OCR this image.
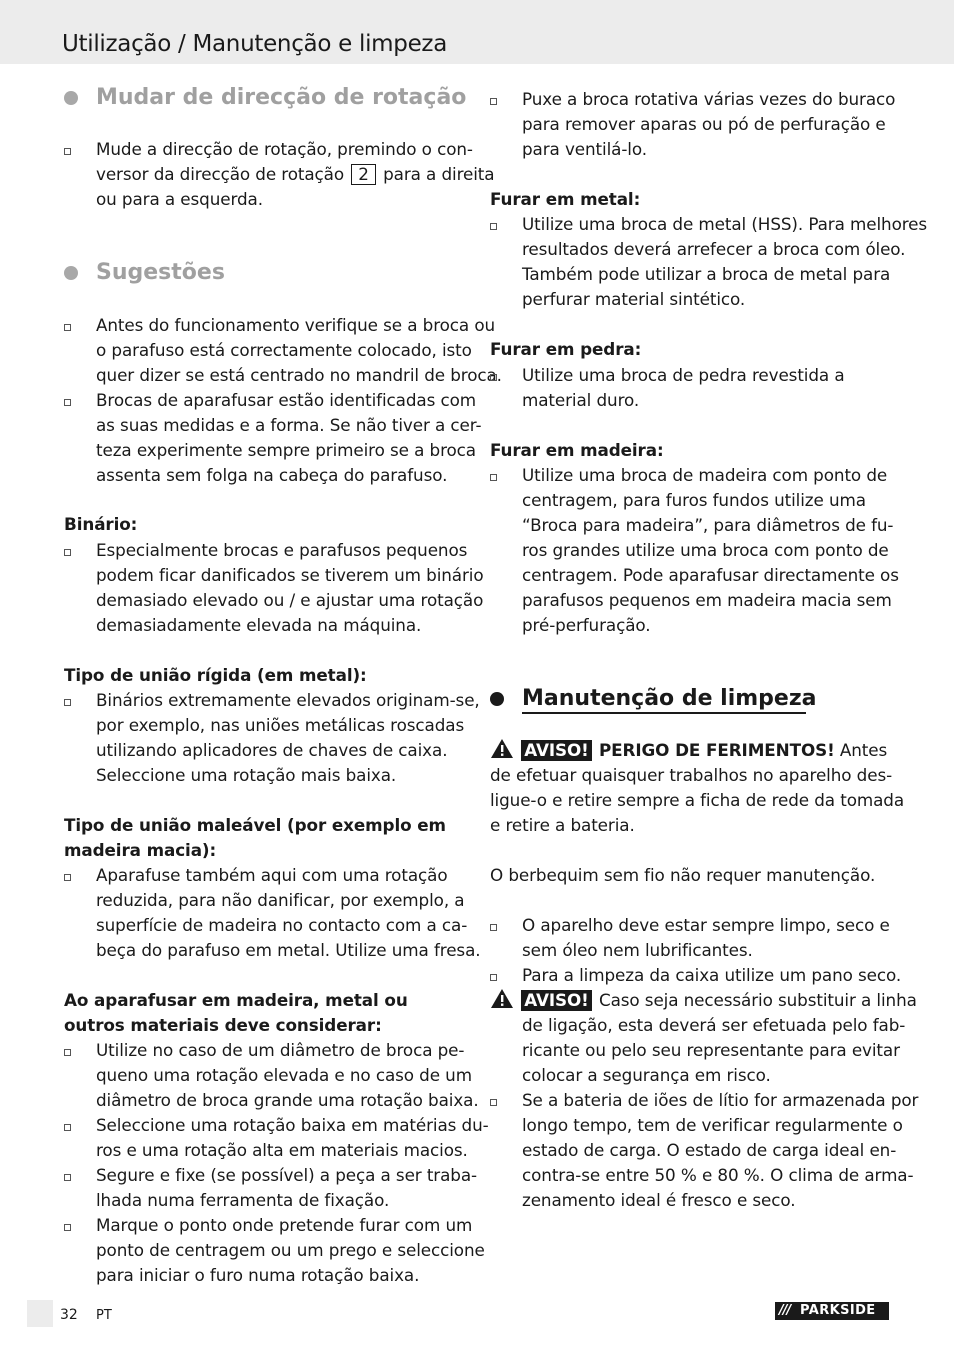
Utilização / Manutenção e limpeza
Mudar de direcção de rotação
Mude a direcção de rotação, premindo o con-
versor da direcção de rotação 2 para a direita
ou para a esquerda.
Sugestões
Antes do funcionamento verifique se a broca ou
o parafuso está correctamente colocado, isto
quer dizer se está centrado no mandril de broca.
Brocas de aparafusar estão identificadas com
as suas medidas e a forma. Se não tiver a cer-
teza experimente sempre primeiro se a broca
assenta sem folga na cabeça do parafuso.
Binário:
Especialmente brocas e parafusos pequenos
podem ficar danificados se tiverem um binário
demasiado elevado ou / e ajustar uma rotação
demasiadamente elevada na máquina.
Tipo de união rígida (em metal):
Binários extremamente elevados originam-se,
por exemplo, nas uniões metálicas roscadas
utilizando aplicadores de chaves de caixa.
Seleccione uma rotação mais baixa.
Tipo de união maleável (por exemplo em
madeira macia):
Aparafuse também aqui com uma rotação
reduzida, para não danificar, por exemplo, a
superfície de madeira no contacto com a ca-
beça do parafuso em metal. Utilize uma fresa.
Ao aparafusar em madeira, metal ou
outros materiais deve considerar:
Utilize no caso de um diâmetro de broca pe-
queno uma rotação elevada e no caso de um
diâmetro de broca grande uma rotação baixa.
Seleccione uma rotação baixa em matérias du-
ros e uma rotação alta em materiais macios.
Segure e fixe (se possível) a peça a ser traba-
lhada numa ferramenta de fixação.
Marque o ponto onde pretende furar com um
ponto de centragem ou um prego e seleccione
para iniciar o furo numa rotação baixa.
Puxe a broca rotativa várias vezes do buraco
para remover aparas ou pó de perfuração e
para ventilá-lo.
Furar em metal:
Utilize uma broca de metal (HSS). Para melhores
resultados deverá arrefecer a broca com óleo.
Também pode utilizar a broca de metal para
perfurar material sintético.
Furar em pedra:
Utilize uma broca de pedra revestida a
material duro.
Furar em madeira:
Utilize uma broca de madeira com ponto de
centragem, para furos fundos utilize uma
“Broca para madeira”, para diâmetros de fu-
ros grandes utilize uma broca com ponto de
centragem. Pode aparafusar directamente os
parafusos pequenos em madeira macia sem
pré-perfuração.
Manutenção de limpeza
AVISO! PERIGO DE FERIMENTOS! Antes
de efetuar quaisquer trabalhos no aparelho des-
ligue-o e retire sempre a ficha de rede da tomada
e retire a bateria.
O berbequim sem fio não requer manutenção.
O aparelho deve estar sempre limpo, seco e
sem óleo nem lubrificantes.
Para a limpeza da caixa utilize um pano seco.
AVISO! Caso seja necessário substituir a linha
de ligação, esta deverá ser efetuada pelo fab-
ricante ou pelo seu representante para evitar
colocar a segurança em risco.
Se a bateria de iões de lítio for armazenada por
longo tempo, tem de verificar regularmente o
estado de carga. O estado de carga ideal en-
contra-se entre 50 % e 80 %. O clima de arma-
zenamento ideal é fresco e seco.
32 PT	/// PARKSIDE
